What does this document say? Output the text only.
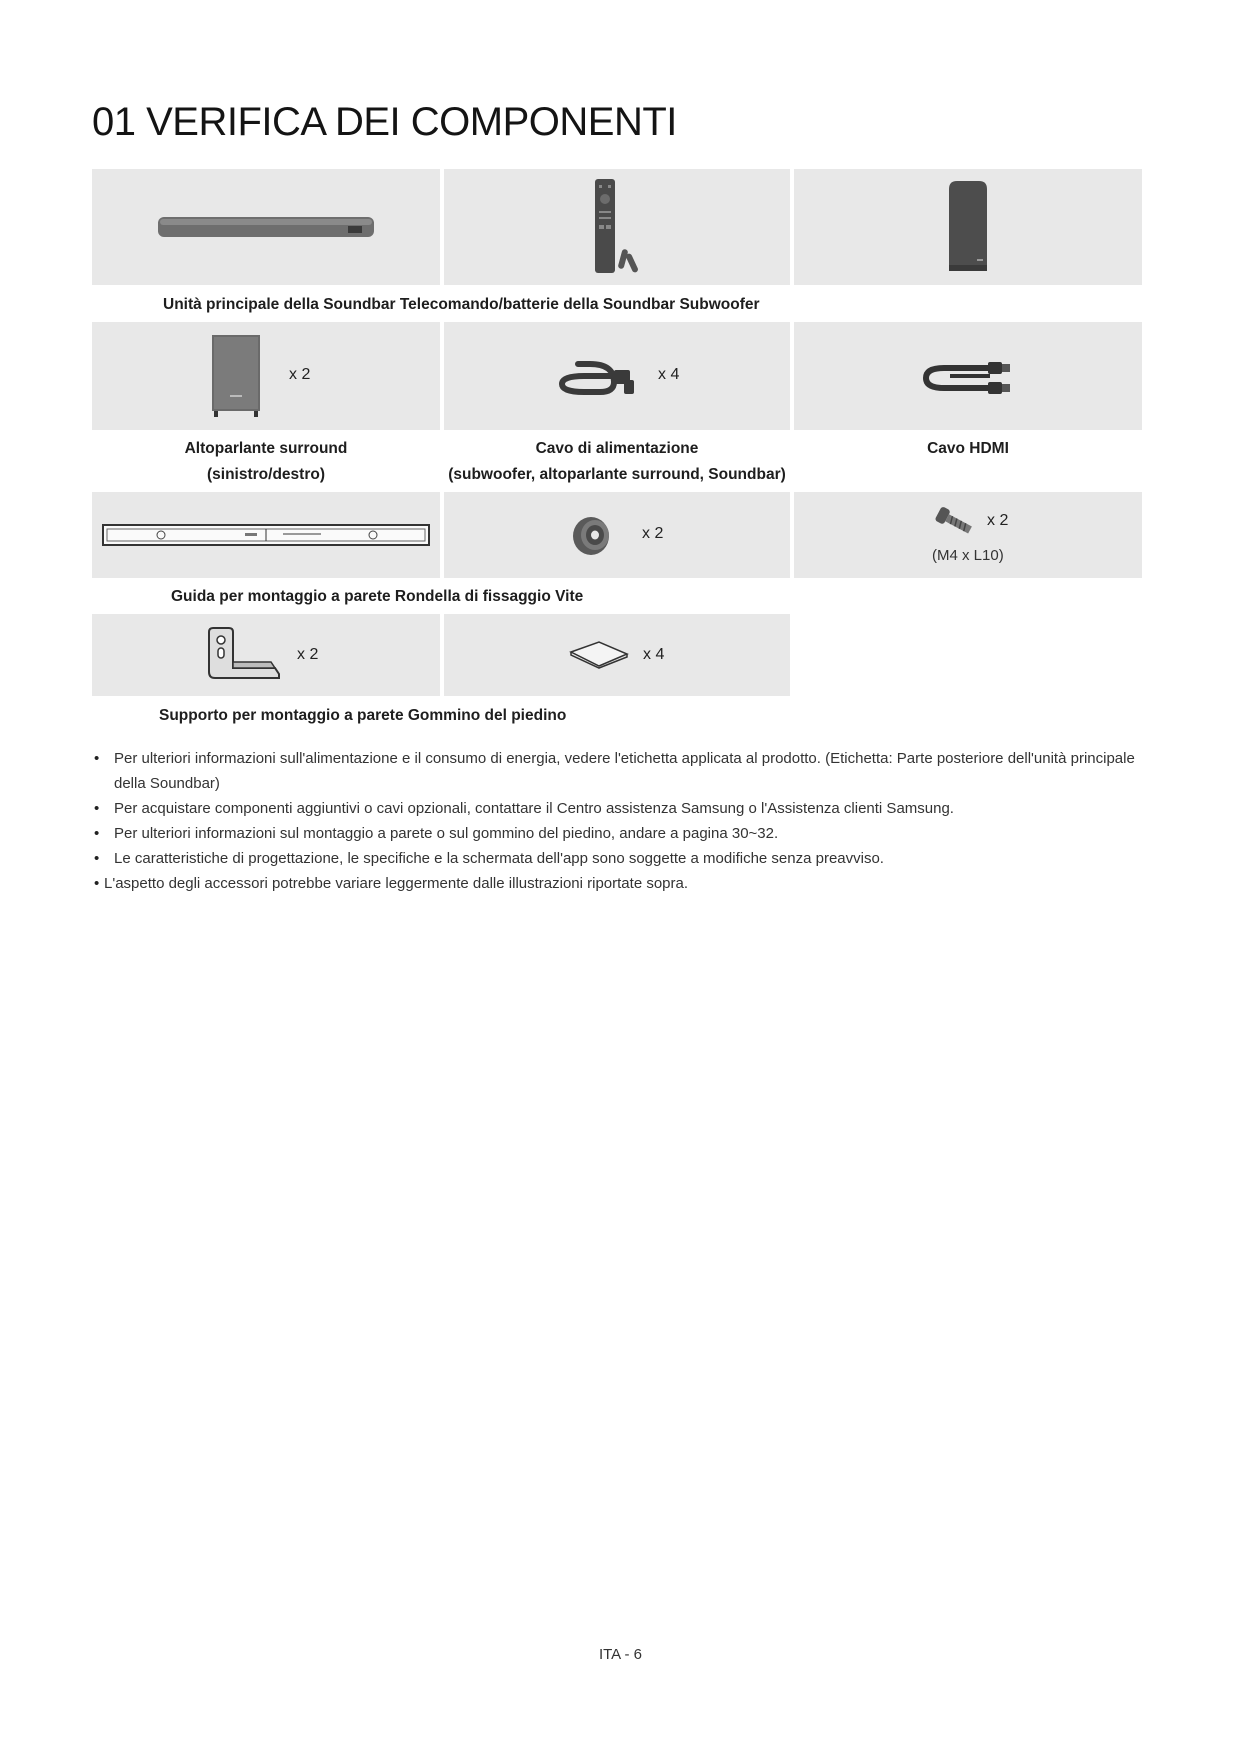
01 VERIFICA DEI COMPONENTI
Unità principale della Soundbar Telecomando/batterie della Soundbar Subwoofer
x 2	x 4
Altoparlante surround
(sinistro/destro)
Cavo di alimentazione
(subwoofer, altoparlante surround, Soundbar)
Cavo HDMI
x 2
x 2
(M4 x L10)
Guida per montaggio a parete Rondella di fissaggio Vite
x 2	x 4
Supporto per montaggio a parete Gommino del piedino
• Per ulteriori informazioni sull'alimentazione e il consumo di energia, vedere l'etichetta applicata al prodotto. (Etichetta: Parte posteriore dell'unità principale della Soundbar)
• Per acquistare componenti aggiuntivi o cavi opzionali, contattare il Centro assistenza Samsung o l'Assistenza clienti Samsung.
• Per ulteriori informazioni sul montaggio a parete o sul gommino del piedino, andare a pagina 30~32.
• Le caratteristiche di progettazione, le specifiche e la schermata dell'app sono soggette a modifiche senza preavviso.
• L'aspetto degli accessori potrebbe variare leggermente dalle illustrazioni riportate sopra.
ITA - 6
